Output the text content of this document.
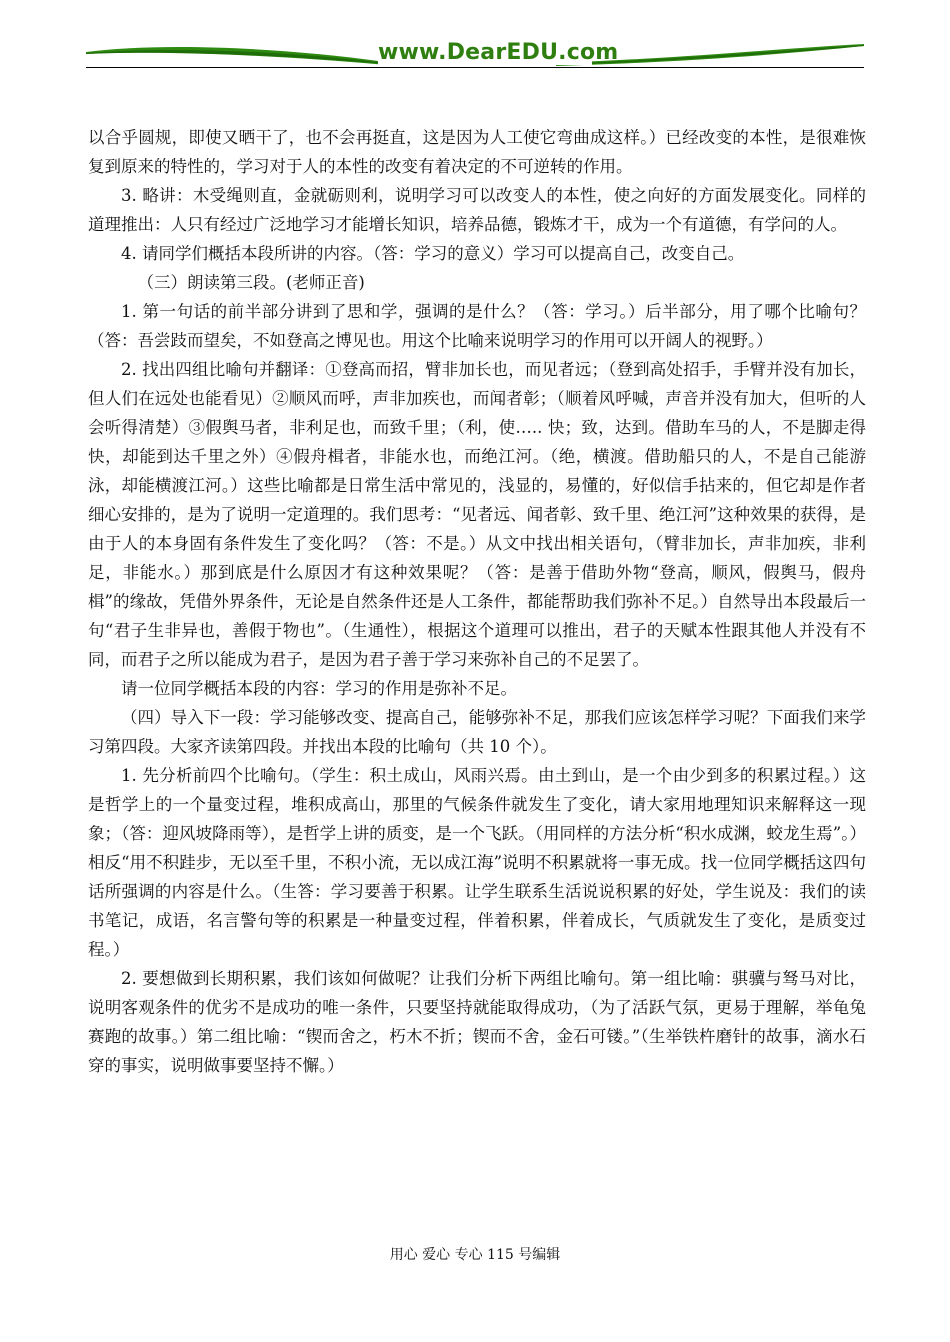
www.DearEDU.com

以合乎圆规，即使又晒干了，也不会再挺直，这是因为人工使它弯曲成这样。）已经改变的本性，是很难恢复到原来的特性的，学习对于人的本性的改变有着决定的不可逆转的作用。

3. 略讲：木受绳则直，金就砺则利，说明学习可以改变人的本性，使之向好的方面发展变化。同样的道理推出：人只有经过广泛地学习才能增长知识，培养品德，锻炼才干，成为一个有道德，有学问的人。

4. 请同学们概括本段所讲的内容。（答：学习的意义）学习可以提高自己，改变自己。

（三）朗读第三段。(老师正音)

1. 第一句话的前半部分讲到了思和学，强调的是什么？（答：学习。）后半部分，用了哪个比喻句？（答：吾尝跂而望矣，不如登高之博见也。用这个比喻来说明学习的作用可以开阔人的视野。）

2. 找出四组比喻句并翻译：①登高而招，臂非加长也，而见者远；（登到高处招手，手臂并没有加长，但人们在远处也能看见）②顺风而呼，声非加疾也，而闻者彰；（顺着风呼喊，声音并没有加大，但听的人会听得清楚）③假舆马者，非利足也，而致千里；（利，使….. 快；致，达到。借助车马的人，不是脚走得快，却能到达千里之外）④假舟楫者，非能水也，而绝江河。（绝，横渡。借助船只的人，不是自己能游泳，却能横渡江河。）这些比喻都是日常生活中常见的，浅显的，易懂的，好似信手拈来的，但它却是作者细心安排的，是为了说明一定道理的。我们思考：“见者远、闻者彰、致千里、绝江河”这种效果的获得，是由于人的本身固有条件发生了变化吗？（答：不是。）从文中找出相关语句，（臂非加长，声非加疾，非利足，非能水。）那到底是什么原因才有这种效果呢？（答：是善于借助外物“登高，顺风，假舆马，假舟楫”的缘故，凭借外界条件，无论是自然条件还是人工条件，都能帮助我们弥补不足。）自然导出本段最后一句“君子生非异也，善假于物也”。（生通性），根据这个道理可以推出，君子的天赋本性跟其他人并没有不同，而君子之所以能成为君子，是因为君子善于学习来弥补自己的不足罢了。

请一位同学概括本段的内容：学习的作用是弥补不足。

（四）导入下一段：学习能够改变、提高自己，能够弥补不足，那我们应该怎样学习呢？下面我们来学习第四段。大家齐读第四段。并找出本段的比喻句（共 10 个）。

1. 先分析前四个比喻句。（学生：积土成山，风雨兴焉。由土到山，是一个由少到多的积累过程。）这是哲学上的一个量变过程，堆积成高山，那里的气候条件就发生了变化，请大家用地理知识来解释这一现象；（答：迎风坡降雨等），是哲学上讲的质变，是一个飞跃。（用同样的方法分析“积水成渊，蛟龙生焉”。）相反“用不积跬步，无以至千里，不积小流，无以成江海”说明不积累就将一事无成。找一位同学概括这四句话所强调的内容是什么。（生答：学习要善于积累。让学生联系生活说说积累的好处，学生说及：我们的读书笔记，成语，名言警句等的积累是一种量变过程，伴着积累，伴着成长，气质就发生了变化，是质变过程。）

2. 要想做到长期积累，我们该如何做呢？让我们分析下两组比喻句。第一组比喻：骐骥与驽马对比，说明客观条件的优劣不是成功的唯一条件，只要坚持就能取得成功，（为了活跃气氛，更易于理解，举龟兔赛跑的故事。）第二组比喻：“锲而舍之，朽木不折；锲而不舍，金石可镂。”（生举铁杵磨针的故事，滴水石穿的事实，说明做事要坚持不懈。）

用心 爱心 专心 115 号编辑
